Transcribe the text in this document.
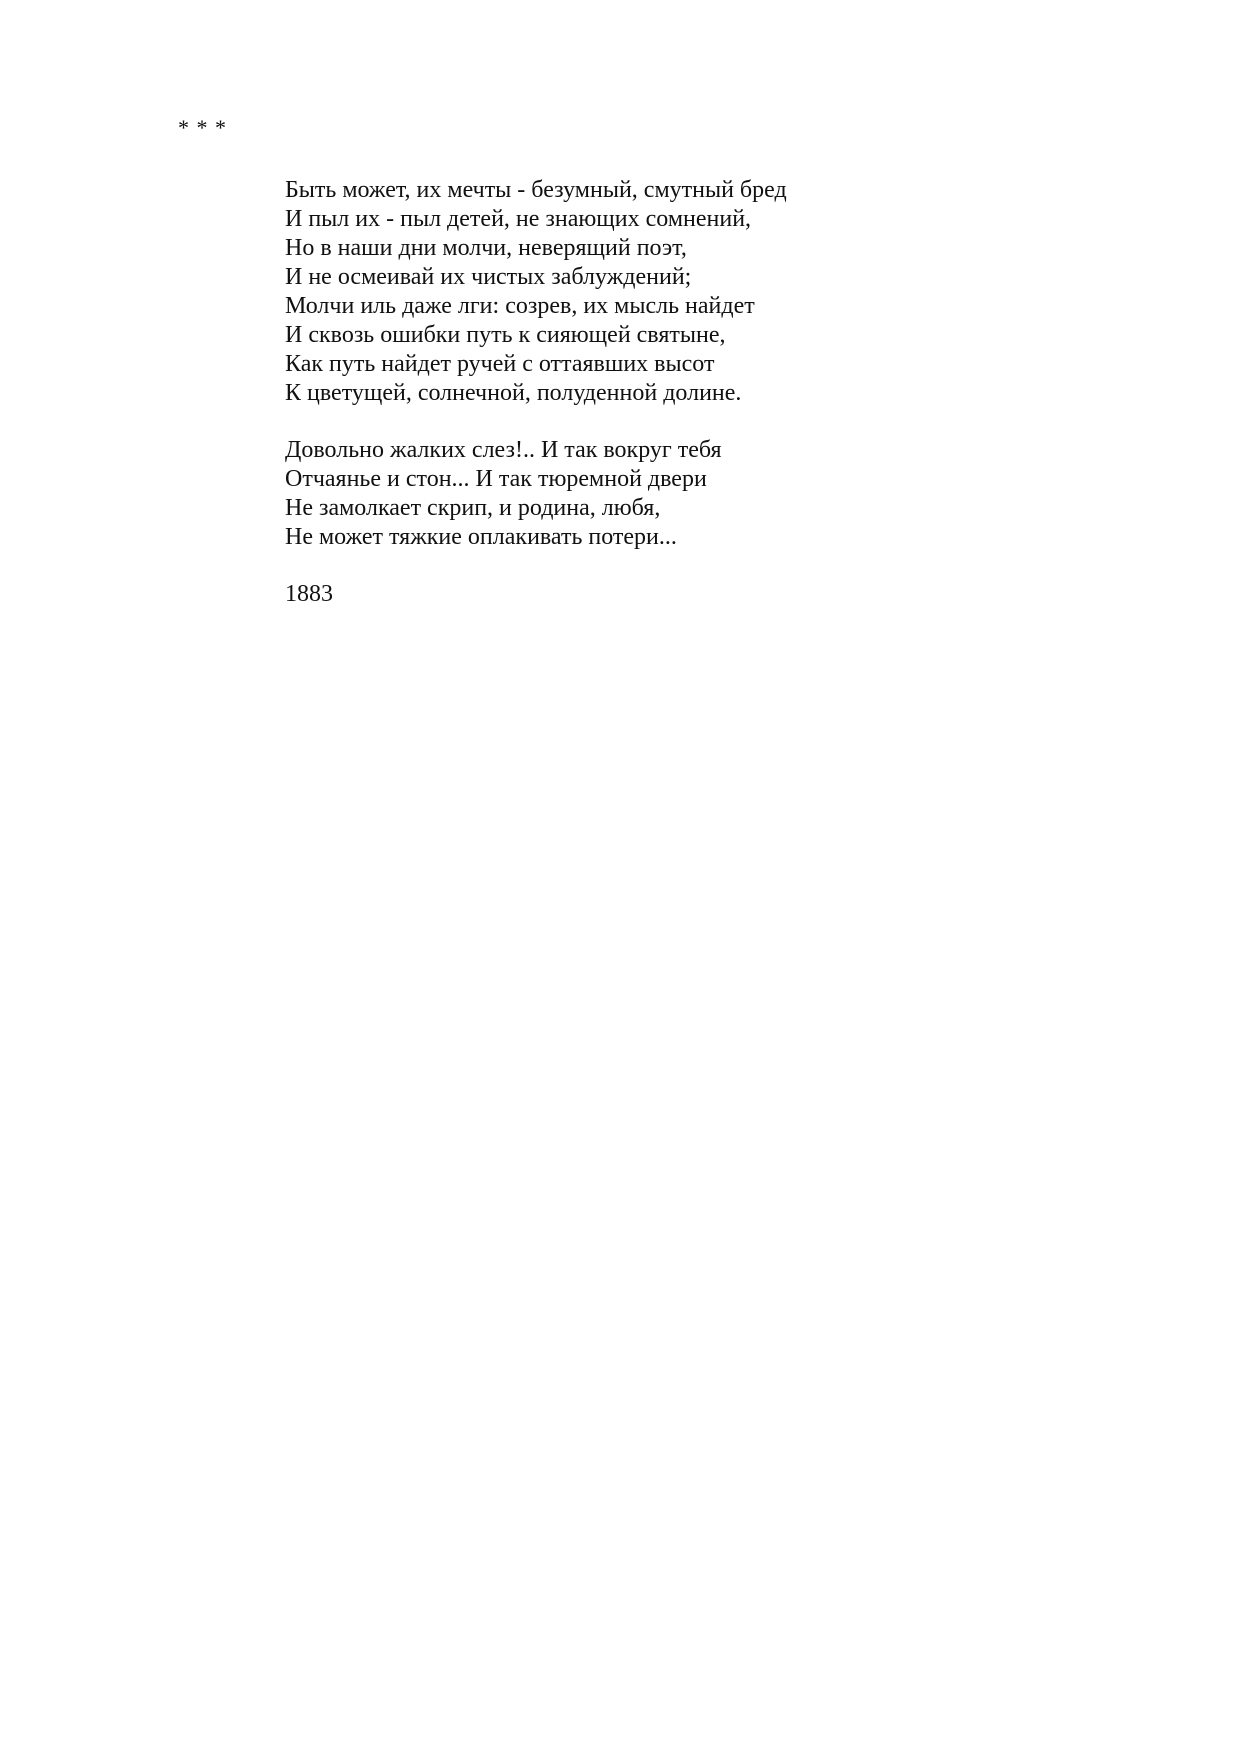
* * *
Быть может, их мечты - безумный, смутный бред
И пыл их - пыл детей, не знающих сомнений,
Но в наши дни молчи, неверящий поэт,
И не осмеивай их чистых заблуждений;
Молчи иль даже лги: созрев, их мысль найдет
И сквозь ошибки путь к сияющей святыне,
Как путь найдет ручей с оттаявших высот
К цветущей, солнечной, полуденной долине.
Довольно жалких слез!.. И так вокруг тебя
Отчаянье и стон... И так тюремной двери
Не замолкает скрип, и родина, любя,
Не может тяжкие оплакивать потери...
1883
